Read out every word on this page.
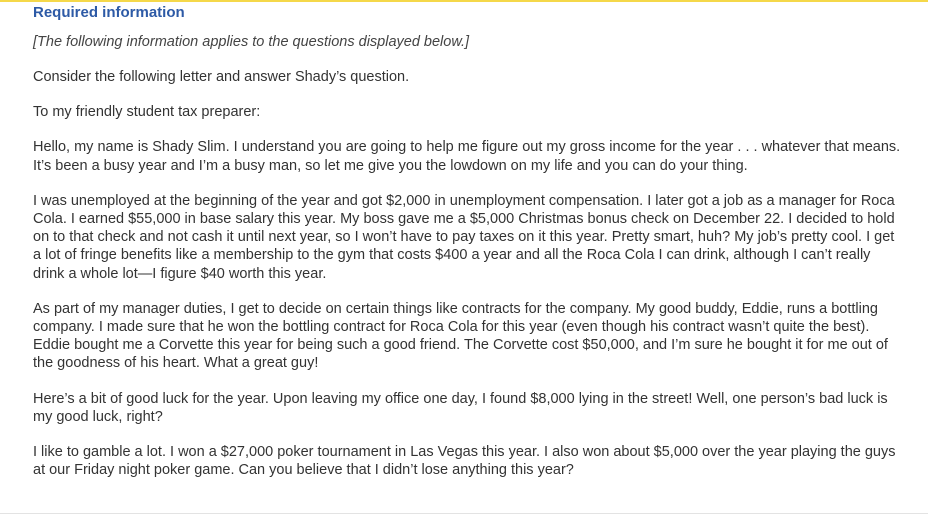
Required information
[The following information applies to the questions displayed below.]

Consider the following letter and answer Shady’s question.

To my friendly student tax preparer:

Hello, my name is Shady Slim. I understand you are going to help me figure out my gross income for the year . . . whatever that means. It’s been a busy year and I’m a busy man, so let me give you the lowdown on my life and you can do your thing.

I was unemployed at the beginning of the year and got $2,000 in unemployment compensation. I later got a job as a manager for Roca Cola. I earned $55,000 in base salary this year. My boss gave me a $5,000 Christmas bonus check on December 22. I decided to hold on to that check and not cash it until next year, so I won’t have to pay taxes on it this year. Pretty smart, huh? My job’s pretty cool. I get a lot of fringe benefits like a membership to the gym that costs $400 a year and all the Roca Cola I can drink, although I can’t really drink a whole lot—I figure $40 worth this year.

As part of my manager duties, I get to decide on certain things like contracts for the company. My good buddy, Eddie, runs a bottling company. I made sure that he won the bottling contract for Roca Cola for this year (even though his contract wasn’t quite the best). Eddie bought me a Corvette this year for being such a good friend. The Corvette cost $50,000, and I’m sure he bought it for me out of the goodness of his heart. What a great guy!

Here’s a bit of good luck for the year. Upon leaving my office one day, I found $8,000 lying in the street! Well, one person’s bad luck is my good luck, right?

I like to gamble a lot. I won a $27,000 poker tournament in Las Vegas this year. I also won about $5,000 over the year playing the guys at our Friday night poker game. Can you believe that I didn’t lose anything this year?
